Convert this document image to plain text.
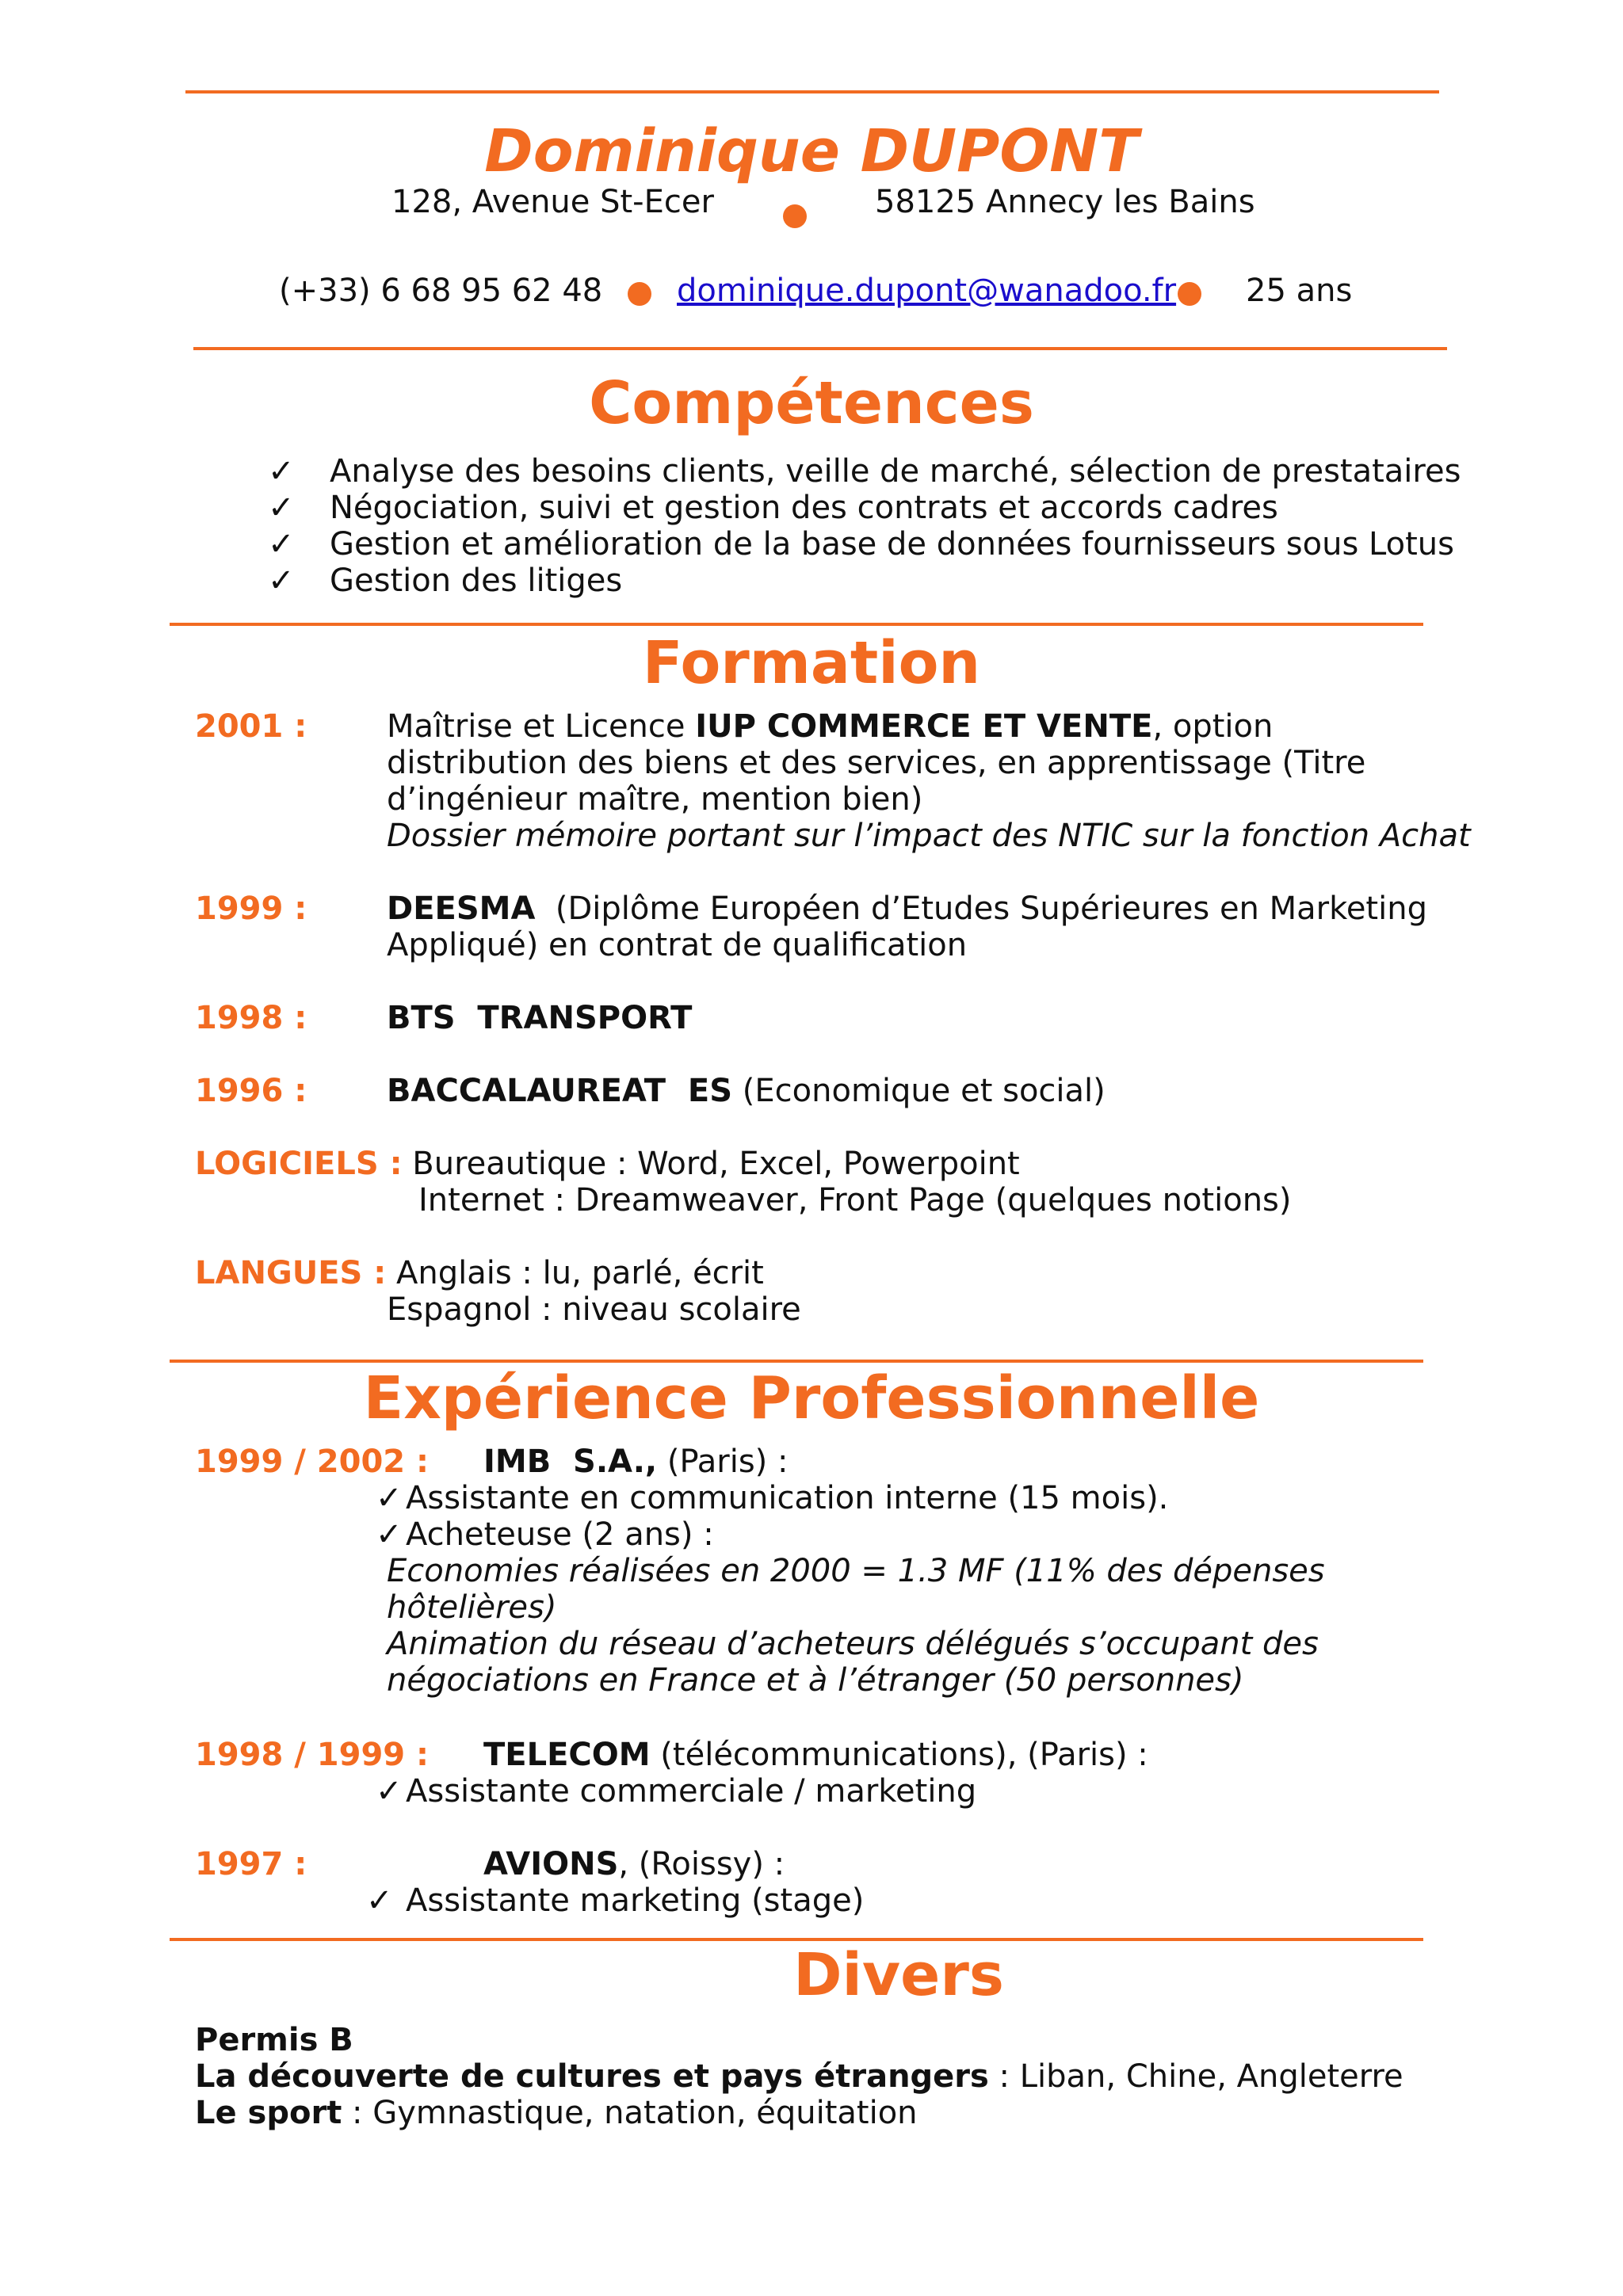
Dominique DUPONT
128, Avenue St-Ecer	58125 Annecy les Bains
(+33) 6 68 95 62 48 dominique.dupont@wanadoo.fr 25 ans
Compétences
✓ Analyse des besoins clients, veille de marché, sélection de prestataires
✓ Négociation, suivi et gestion des contrats et accords cadres
✓ Gestion et amélioration de la base de données fournisseurs sous Lotus
✓ Gestion des litiges
Formation
2001 :	Maîtrise et Licence IUP COMMERCE ET VENTE, option
distribution des biens et des services, en apprentissage (Titre
d’ingénieur maître, mention bien)
Dossier mémoire portant sur l’impact des NTIC sur la fonction Achat
1999 :	DEESMA  (Diplôme Européen d’Etudes Supérieures en Marketing
Appliqué) en contrat de qualification
1998 :	BTS  TRANSPORT
1996 :	BACCALAUREAT  ES (Economique et social)
LOGICIELS : Bureautique : Word, Excel, Powerpoint
Internet : Dreamweaver, Front Page (quelques notions)
LANGUES : Anglais : lu, parlé, écrit
Espagnol : niveau scolaire
Expérience Professionnelle
1999 / 2002 : IMB  S.A., (Paris) :
✓ Assistante en communication interne (15 mois).
✓ Acheteuse (2 ans) :
Economies réalisées en 2000 = 1.3 MF (11% des dépenses
hôtelières)
Animation du réseau d’acheteurs délégués s’occupant des
négociations en France et à l’étranger (50 personnes)
1998 / 1999 : TELECOM (télécommunications), (Paris) :
✓ Assistante commerciale / marketing
1997 :	AVIONS, (Roissy) :
✓ Assistante marketing (stage)
Divers
Permis B
La découverte de cultures et pays étrangers : Liban, Chine, Angleterre
Le sport : Gymnastique, natation, équitation
